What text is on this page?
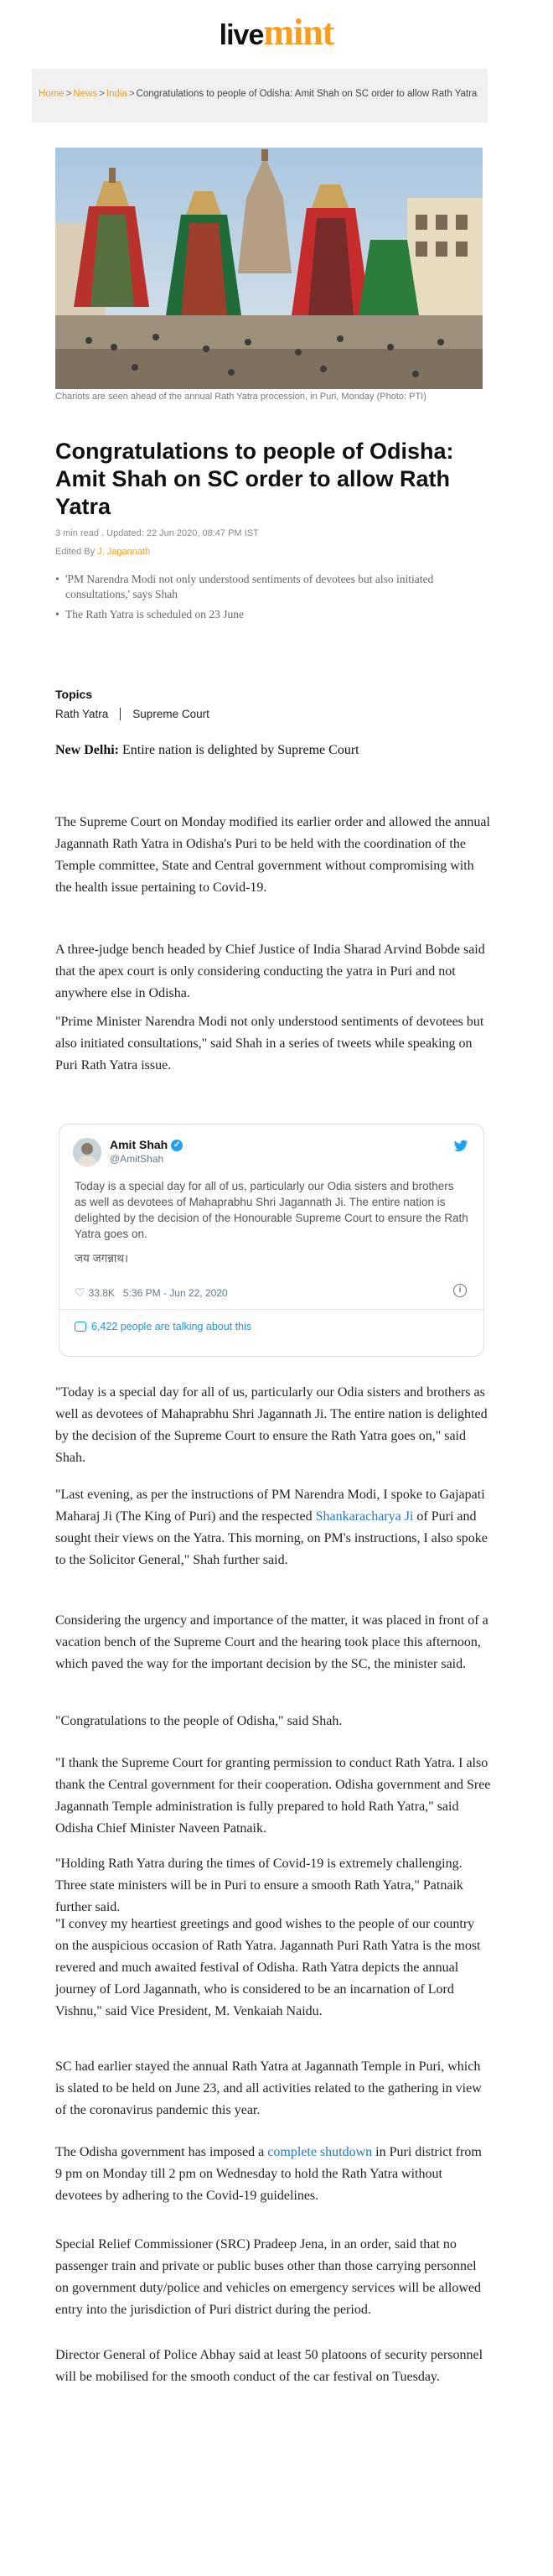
livemint
Home > News > India > Congratulations to people of Odisha: Amit Shah on SC order to allow Rath Yatra
Chariots are seen ahead of the annual Rath Yatra procession, in Puri, Monday (Photo: PTI)
Congratulations to people of Odisha: Amit Shah on SC order to allow Rath Yatra
3 min read . Updated: 22 Jun 2020, 08:47 PM IST
Edited By J. Jagannath
• 'PM Narendra Modi not only understood sentiments of devotees but also initiated consultations,' says Shah
• The Rath Yatra is scheduled on 23 June
Topics
Rath Yatra	Supreme Court
New Delhi: Entire nation is delighted by Supreme Court

The Supreme Court on Monday modified its earlier order and allowed the annual Jagannath Rath Yatra in Odisha's Puri to be held with the coordination of the Temple committee, State and Central government without compromising with the health issue pertaining to Covid-19.

A three-judge bench headed by Chief Justice of India Sharad Arvind Bobde said that the apex court is only considering conducting the yatra in Puri and not anywhere else in Odisha.

"Prime Minister Narendra Modi not only understood sentiments of devotees but also initiated consultations," said Shah in a series of tweets while speaking on Puri Rath Yatra issue.

Amit Shah ✓
@AmitShah
Today is a special day for all of us, particularly our Odia sisters and brothers as well as devotees of Mahaprabhu Shri Jagannath Ji. The entire nation is delighted by the decision of the Honourable Supreme Court to ensure the Rath Yatra goes on.
जय जगन्नाथ।
♡ 33.8K 5:36 PM - Jun 22, 2020	i
6,422 people are talking about this

"Today is a special day for all of us, particularly our Odia sisters and brothers as well as devotees of Mahaprabhu Shri Jagannath Ji. The entire nation is delighted by the decision of the Supreme Court to ensure the Rath Yatra goes on," said Shah.

"Last evening, as per the instructions of PM Narendra Modi, I spoke to Gajapati Maharaj Ji (The King of Puri) and the respected Shankaracharya Ji of Puri and sought their views on the Yatra. This morning, on PM's instructions, I also spoke to the Solicitor General," Shah further said.

Considering the urgency and importance of the matter, it was placed in front of a vacation bench of the Supreme Court and the hearing took place this afternoon, which paved the way for the important decision by the SC, the minister said.

"Congratulations to the people of Odisha," said Shah.

"I thank the Supreme Court for granting permission to conduct Rath Yatra. I also thank the Central government for their cooperation. Odisha government and Sree Jagannath Temple administration is fully prepared to hold Rath Yatra," said Odisha Chief Minister Naveen Patnaik.

"Holding Rath Yatra during the times of Covid-19 is extremely challenging. Three state ministers will be in Puri to ensure a smooth Rath Yatra," Patnaik further said.

"I convey my heartiest greetings and good wishes to the people of our country on the auspicious occasion of Rath Yatra. Jagannath Puri Rath Yatra is the most revered and much awaited festival of Odisha. Rath Yatra depicts the annual journey of Lord Jagannath, who is considered to be an incarnation of Lord Vishnu," said Vice President, M. Venkaiah Naidu.

SC had earlier stayed the annual Rath Yatra at Jagannath Temple in Puri, which is slated to be held on June 23, and all activities related to the gathering in view of the coronavirus pandemic this year.

The Odisha government has imposed a complete shutdown in Puri district from 9 pm on Monday till 2 pm on Wednesday to hold the Rath Yatra without devotees by adhering to the Covid-19 guidelines.

Special Relief Commissioner (SRC) Pradeep Jena, in an order, said that no passenger train and private or public buses other than those carrying personnel on government duty/police and vehicles on emergency services will be allowed entry into the jurisdiction of Puri district during the period.

Director General of Police Abhay said at least 50 platoons of security personnel will be mobilised for the smooth conduct of the car festival on Tuesday.
